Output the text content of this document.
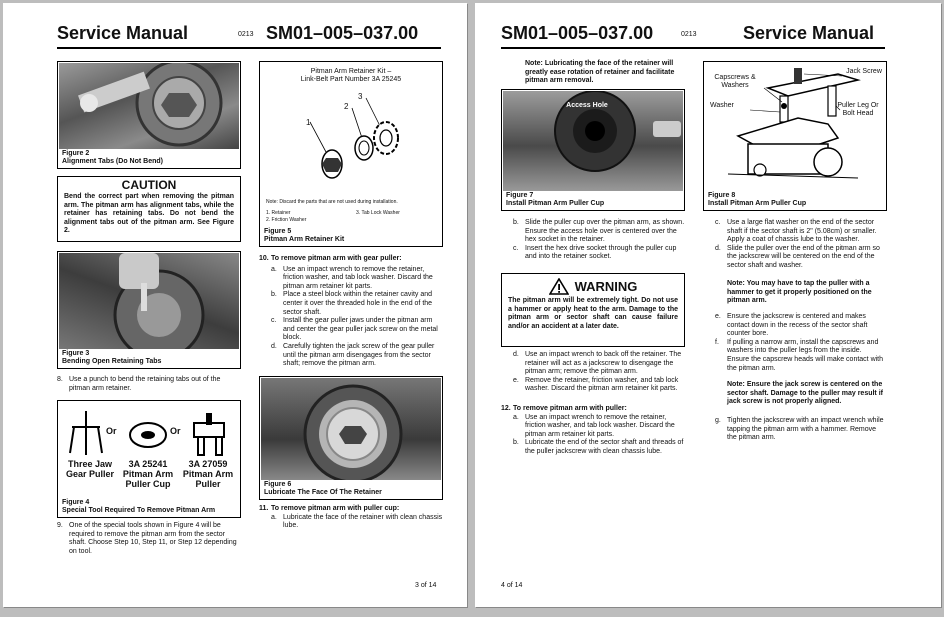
Service Manual	0213 SM01–005–037.00
Figure 2
Alignment Tabs (Do Not Bend)
CAUTION
Bend the correct part when removing the pitman arm. The pitman arm has alignment tabs, while the retainer has retaining tabs. Do not bend the alignment tabs out of the pitman arm. See Figure 2.
Figure 3
Bending Open Retaining Tabs
8. Use a punch to bend the retaining tabs out of the pitman arm retainer.
Or	Or
Three Jaw Gear Puller
3A 25241 Pitman Arm Puller Cup
3A 27059 Pitman Arm Puller
Figure 4
Special Tool Required To Remove Pitman Arm
9. One of the special tools shown in Figure 4 will be required to remove the pitman arm from the sector shaft. Choose Step 10, Step 11, or Step 12 depending on tool.
Pitman Arm Retainer Kit –
Link-Belt Part Number 3A 25245
1
2
3
Note: Discard the parts that are not used during installation.
1. Retainer
2. Friction Washer
3. Tab Lock Washer
Figure 5
Pitman Arm Retainer Kit
10. To remove pitman arm with gear puller:
a. Use an impact wrench to remove the retainer, friction washer, and tab lock washer. Discard the pitman arm retainer kit parts.
b. Place a steel block within the retainer cavity and center it over the threaded hole in the end of the sector shaft.
c. Install the gear puller jaws under the pitman arm and center the gear puller jack screw on the metal block.
d. Carefully tighten the jack screw of the gear puller until the pitman arm disengages from the sector shaft; remove the pitman arm.
Figure 6
Lubricate The Face Of The Retainer
11. To remove pitman arm with puller cup:
a. Lubricate the face of the retainer with clean chassis lube.
3 of 14
SM01–005–037.00	0213	Service Manual
Note: Lubricating the face of the retainer will greatly ease rotation of retainer and facilitate pitman arm removal.
Access Hole
Figure 7
Install Pitman Arm Puller Cup
b. Slide the puller cup over the pitman arm, as shown. Ensure the access hole over is centered over the hex socket in the retainer.
c. Insert the hex drive socket through the puller cup and into the retainer socket.
WARNING
The pitman arm will be extremely tight. Do not use a hammer or apply heat to the arm. Damage to the pitman arm or sector shaft can cause failure and/or an accident at a later date.
d. Use an impact wrench to back off the retainer. The retainer will act as a jackscrew to disengage the pitman arm; remove the pitman arm.
e. Remove the retainer, friction washer, and tab lock washer. Discard the pitman arm retainer kit parts.
12. To remove pitman arm with puller:
a. Use an impact wrench to remove the retainer, friction washer, and tab lock washer. Discard the pitman arm retainer kit parts.
b. Lubricate the end of the sector shaft and threads of the puller jackscrew with clean chassis lube.
Jack Screw
Capscrews & Washers
Washer	Puller Leg Or Bolt Head
Figure 8
Install Pitman Arm Puller Cup
c. Use a large flat washer on the end of the sector shaft if the sector shaft is 2" (5.08cm) or smaller. Apply a coat of chassis lube to the washer.
d. Slide the puller over the end of the pitman arm so the jackscrew will be centered on the end of the sector shaft and washer.
Note: You may have to tap the puller with a hammer to get it properly positioned on the pitman arm.
e. Ensure the jackscrew is centered and makes contact down in the recess of the sector shaft counter bore.
f. If pulling a narrow arm, install the capscrews and washers into the puller legs from the inside. Ensure the capscrew heads will make contact with the pitman arm.
Note: Ensure the jack screw is centered on the sector shaft. Damage to the puller may result if jack screw is not properly aligned.
g. Tighten the jackscrew with an impact wrench while tapping the pitman arm with a hammer. Remove the pitman arm.
4 of 14
